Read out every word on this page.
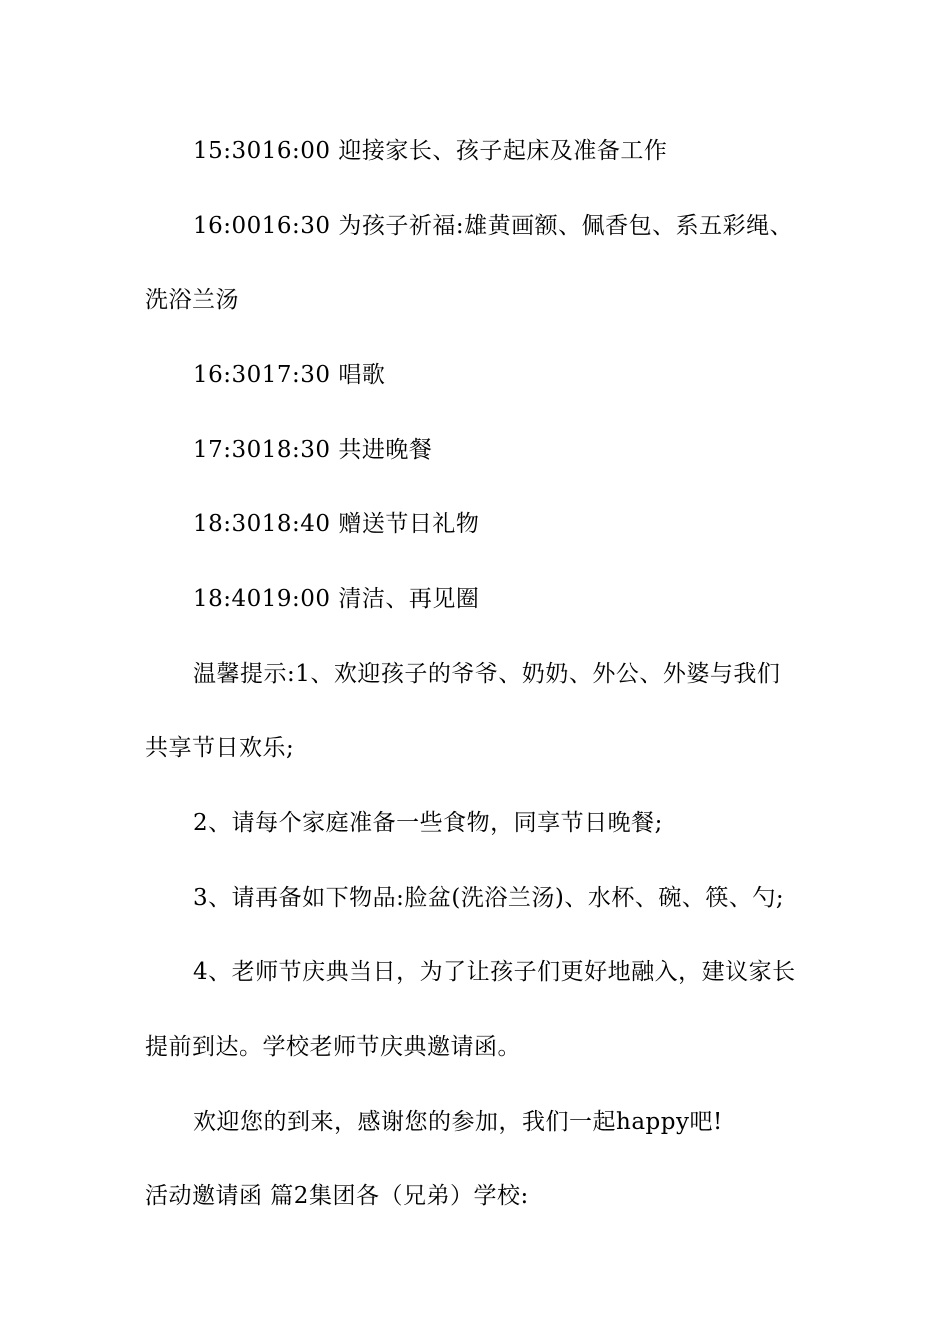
15:3016:00 迎接家长、孩子起床及准备工作
16:0016:30 为孩子祈福:雄黄画额、佩香包、系五彩绳、
洗浴兰汤
16:3017:30 唱歌
17:3018:30 共进晚餐
18:3018:40 赠送节日礼物
18:4019:00 清洁、再见圈
温馨提示:1、欢迎孩子的爷爷、奶奶、外公、外婆与我们
共享节日欢乐;
2、请每个家庭准备一些食物，同享节日晚餐;
3、请再备如下物品:脸盆(洗浴兰汤)、水杯、碗、筷、勺;
4、老师节庆典当日，为了让孩子们更好地融入，建议家长
提前到达。学校老师节庆典邀请函。
欢迎您的到来，感谢您的参加，我们一起happy吧!
活动邀请函 篇2集团各（兄弟）学校:
